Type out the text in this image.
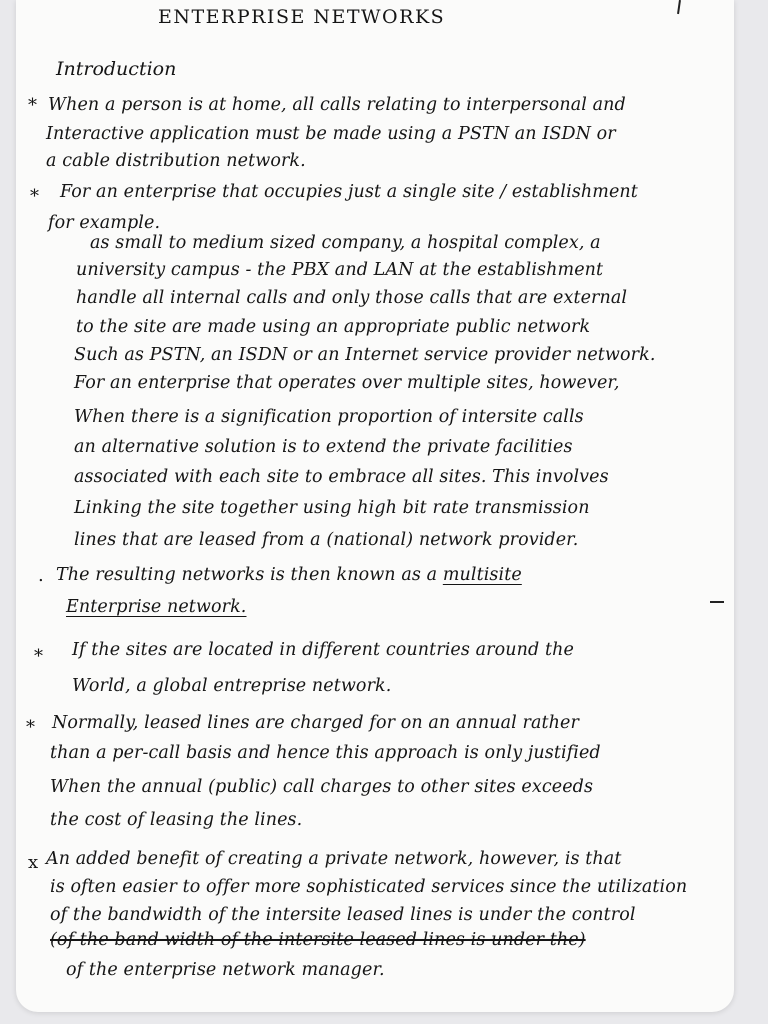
ENTERPRISE NETWORKS
Introduction
* When a person is at home, all calls relating to interpersonal and
Interactive application must be made using a PSTN an ISDN or
a cable distribution network.
* For an enterprise that occupies just a single site / establishment
for example.
as small to medium sized company, a hospital complex, a
university campus - the PBX and LAN at the establishment
handle all internal calls and only those calls that are external
to the site are made using an appropriate public network
Such as PSTN, an ISDN or an Internet service provider network.
For an enterprise that operates over multiple sites, however,
When there is a signification proportion of intersite calls
an alternative solution is to extend the private facilities
associated with each site to embrace all sites. This involves
Linking the site together using high bit rate transmission
lines that are leased from a (national) network provider.
. The resulting networks is then known as a multisite
Enterprise network.
* If the sites are located in different countries around the
World, a global entreprise network.
* Normally, leased lines are charged for on an annual rather
than a per-call basis and hence this approach is only justified
When the annual (public) call charges to other sites exceeds
the cost of leasing the lines.
x An added benefit of creating a private network, however, is that
is often easier to offer more sophisticated services since the utilization
of the bandwidth of the intersite leased lines is under the control
(of the band width of the intersite leased lines is under the)
of the enterprise network manager.
